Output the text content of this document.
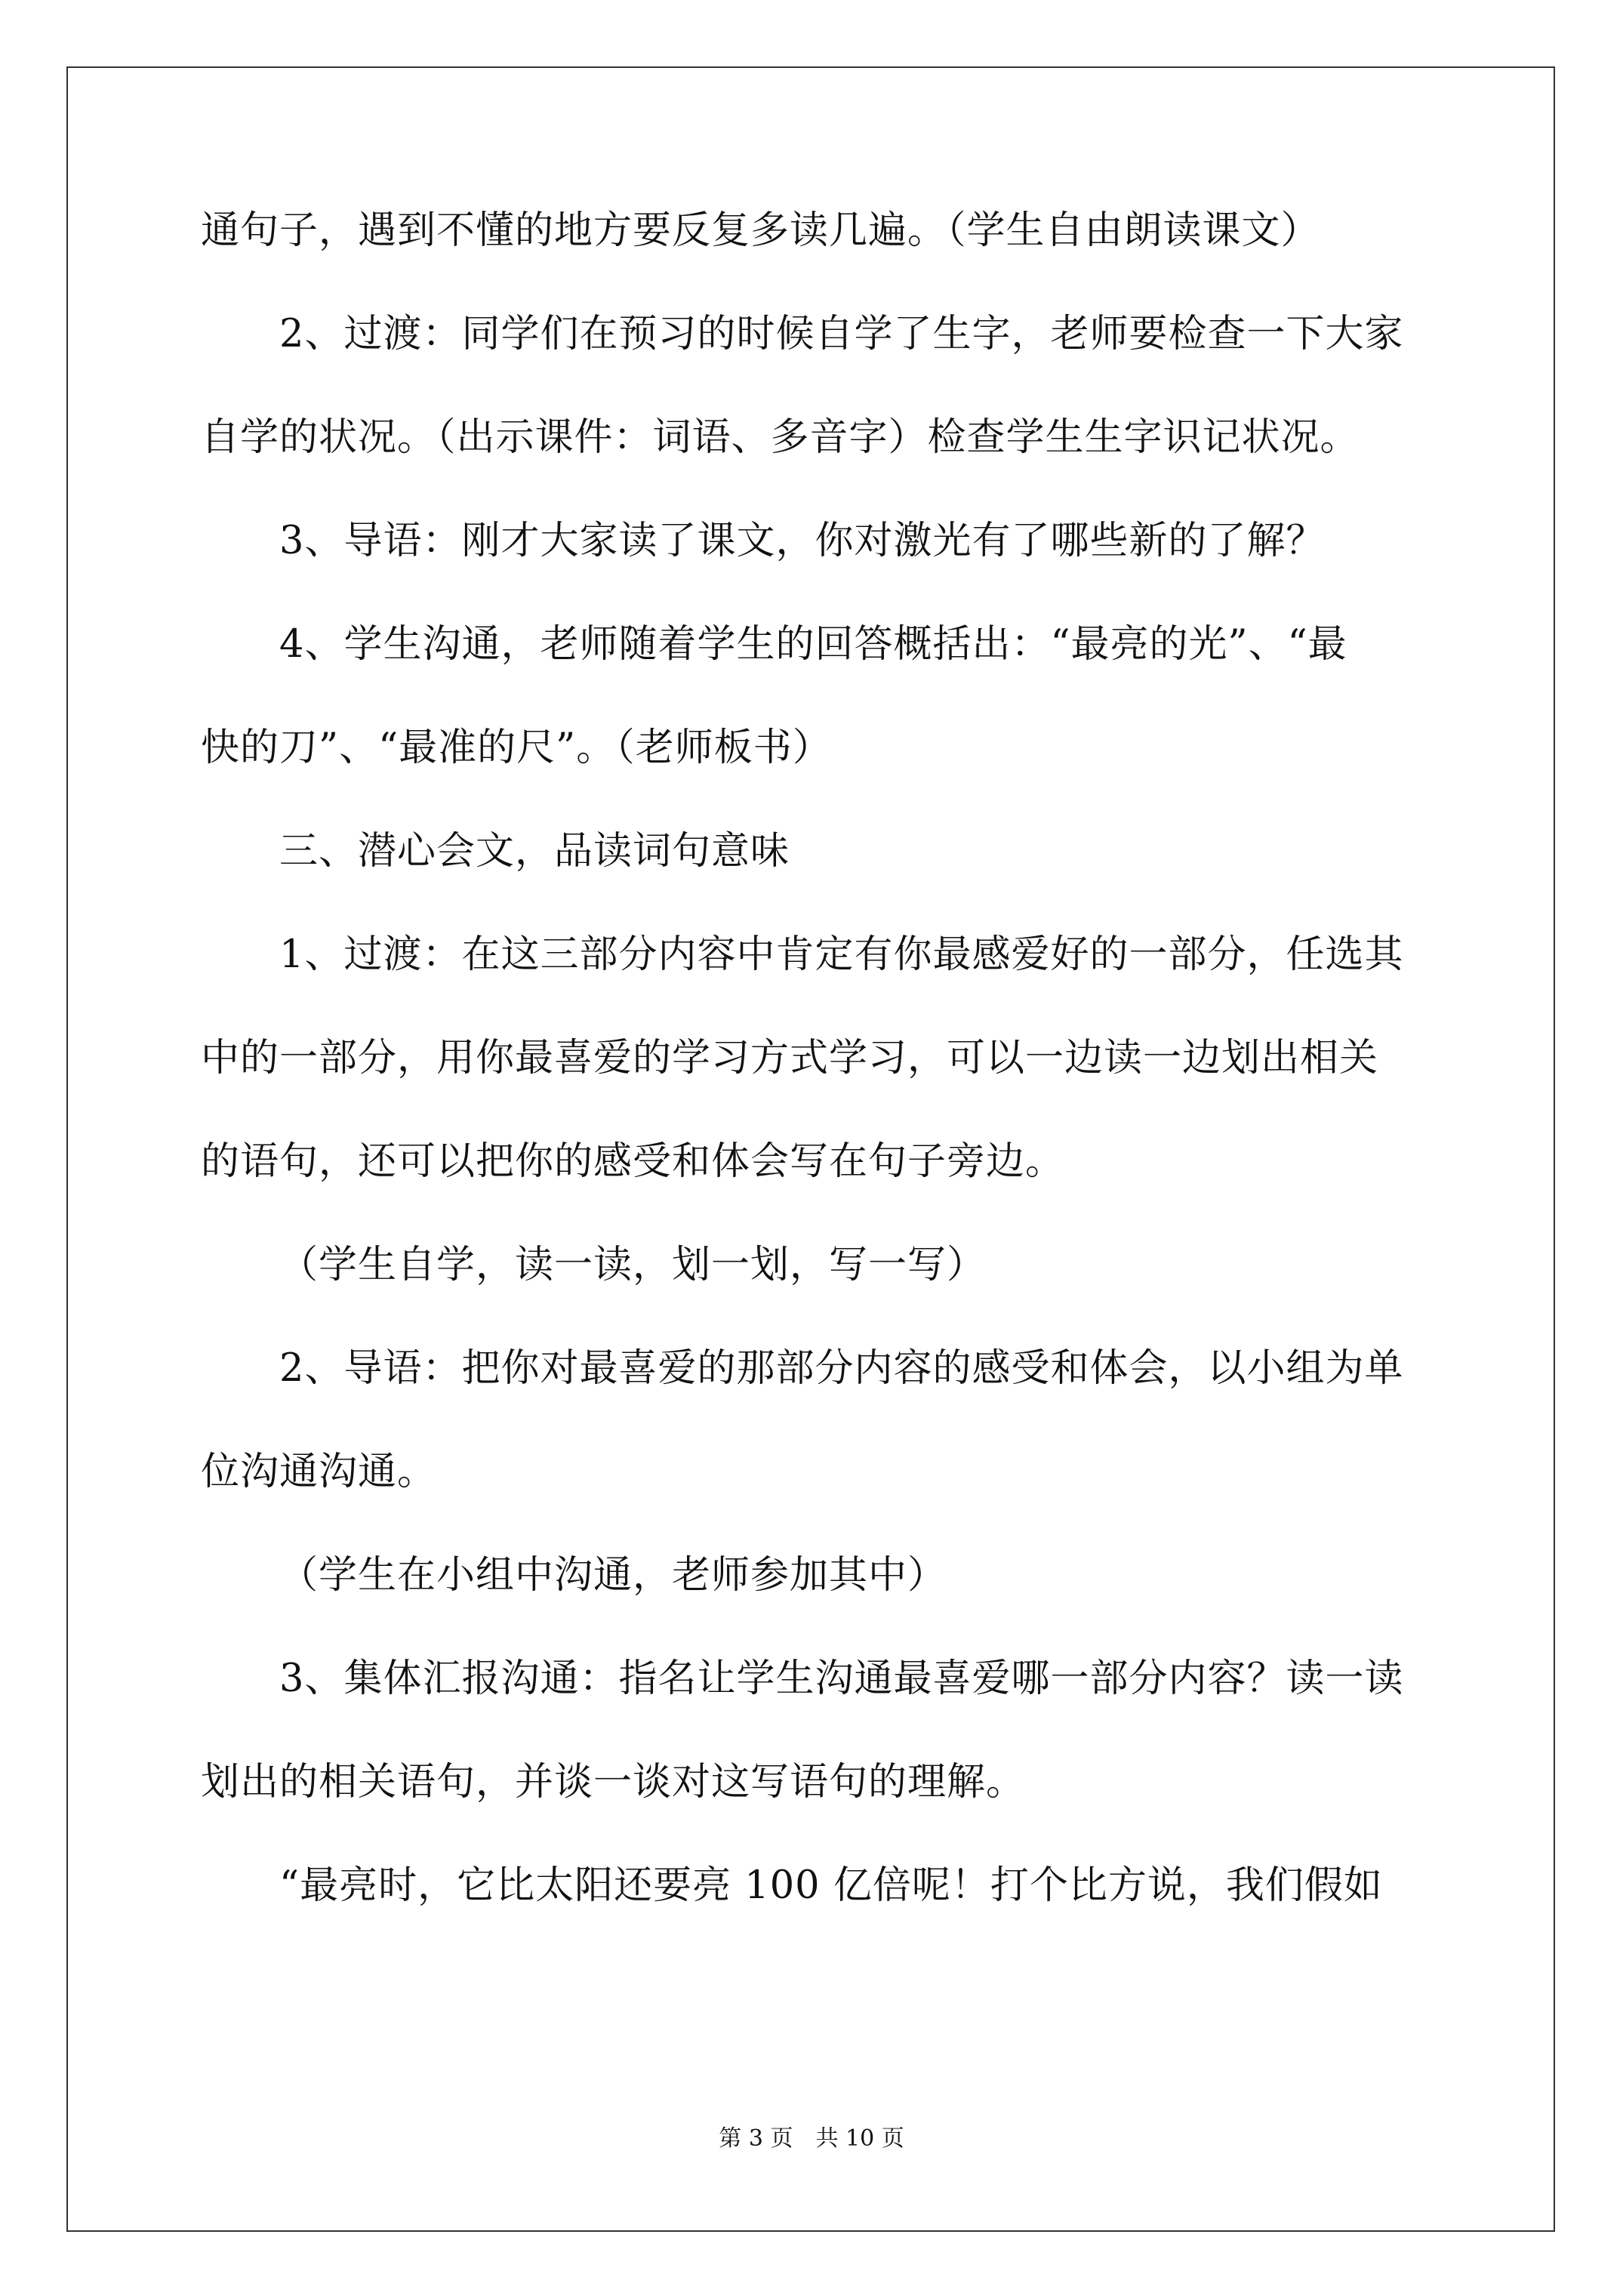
通句子，遇到不懂的地方要反复多读几遍。（学生自由朗读课文）
2、过渡：同学们在预习的时候自学了生字，老师要检查一下大家
自学的状况。（出示课件：词语、多音字）检查学生生字识记状况。
3、导语：刚才大家读了课文，你对激光有了哪些新的了解？
4、学生沟通，老师随着学生的回答概括出：“最亮的光”、“最
快的刀”、“最准的尺”。（老师板书）
三、潜心会文，品读词句意味
1、过渡：在这三部分内容中肯定有你最感爱好的一部分，任选其
中的一部分，用你最喜爱的学习方式学习，可以一边读一边划出相关
的语句，还可以把你的感受和体会写在句子旁边。
（学生自学，读一读，划一划，写一写）
2、导语：把你对最喜爱的那部分内容的感受和体会，以小组为单
位沟通沟通。
（学生在小组中沟通，老师参加其中）
3、集体汇报沟通：指名让学生沟通最喜爱哪一部分内容？读一读
划出的相关语句，并谈一谈对这写语句的理解。
“最亮时，它比太阳还要亮 100 亿倍呢！打个比方说，我们假如
第 3 页　共 10 页
